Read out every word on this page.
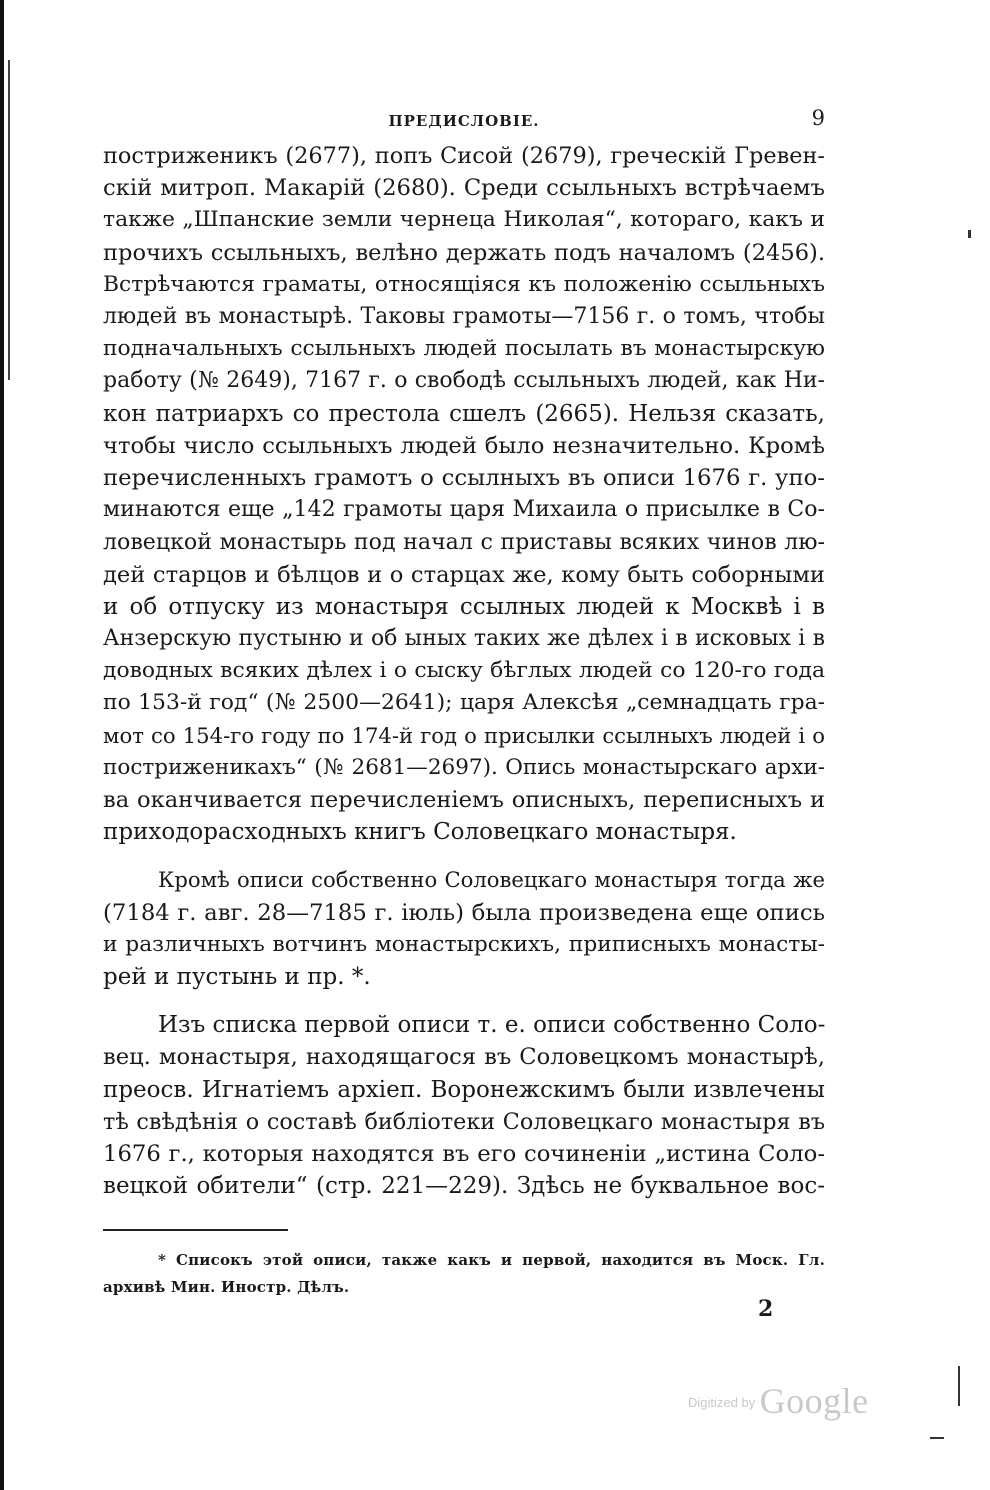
ПРЕДИСЛОВІЕ.	9

постриженикъ (2677), попъ Сисой (2679), греческій Гревен-
скій митроп. Макарій (2680). Среди ссыльныхъ встрѣчаемъ
также „Шпанские земли чернеца Николая“, котораго, какъ и
прочихъ ссыльныхъ, велѣно держать подъ началомъ (2456).
Встрѣчаются граматы, относящіяся къ положенію ссыльныхъ
людей въ монастырѣ. Таковы грамоты—7156 г. о томъ, чтобы
подначальныхъ ссыльныхъ людей посылать въ монастырскую
работу (№ 2649), 7167 г. о свободѣ ссыльныхъ людей, как Ни-
кон патриархъ со престола сшелъ (2665). Нельзя сказать,
чтобы число ссыльныхъ людей было незначительно. Кромѣ
перечисленныхъ грамотъ о ссылныхъ въ описи 1676 г. упо-
минаются еще „142 грамоты царя Михаила о присылке в Со-
ловецкой монастырь под начал с приставы всяких чинов лю-
дей старцов и бѣлцов и о старцах же, кому быть соборными
и об отпуску из монастыря ссылных людей к Москвѣ і в
Анзерскую пустыню и об ыных таких же дѣлех і в исковых і в
доводных всяких дѣлех і о сыску бѣглых людей со 120-го года
по 153-й год“ (№ 2500—2641); царя Алексѣя „семнадцать гра-
мот со 154-го году по 174-й год о присылки ссылныхъ людей і о
постриженикахъ“ (№ 2681—2697). Опись монастырскаго архи-
ва оканчивается перечисленіемъ описныхъ, переписныхъ и
приходорасходныхъ книгъ Соловецкаго монастыря.

Кромѣ описи собственно Соловецкаго монастыря тогда же
(7184 г. авг. 28—7185 г. іюль) была произведена еще опись
и различныхъ вотчинъ монастырскихъ, приписныхъ монасты-
рей и пустынь и пр. *.

Изъ списка первой описи т. е. описи собственно Соло-
вец. монастыря, находящагося въ Соловецкомъ монастырѣ,
преосв. Игнатіемъ архіеп. Воронежскимъ были извлечены
тѣ свѣдѣнія о составѣ библіотеки Соловецкаго монастыря въ
1676 г., которыя находятся въ его сочиненіи „истина Соло-
вецкой обители“ (стр. 221—229). Здѣсь не буквальное вос-

* Списокъ этой описи, также какъ и первой, находится въ Моск. Гл.
архивѣ Мин. Иностр. Дѣлъ.
2
$^{Digitized by}$ Google
